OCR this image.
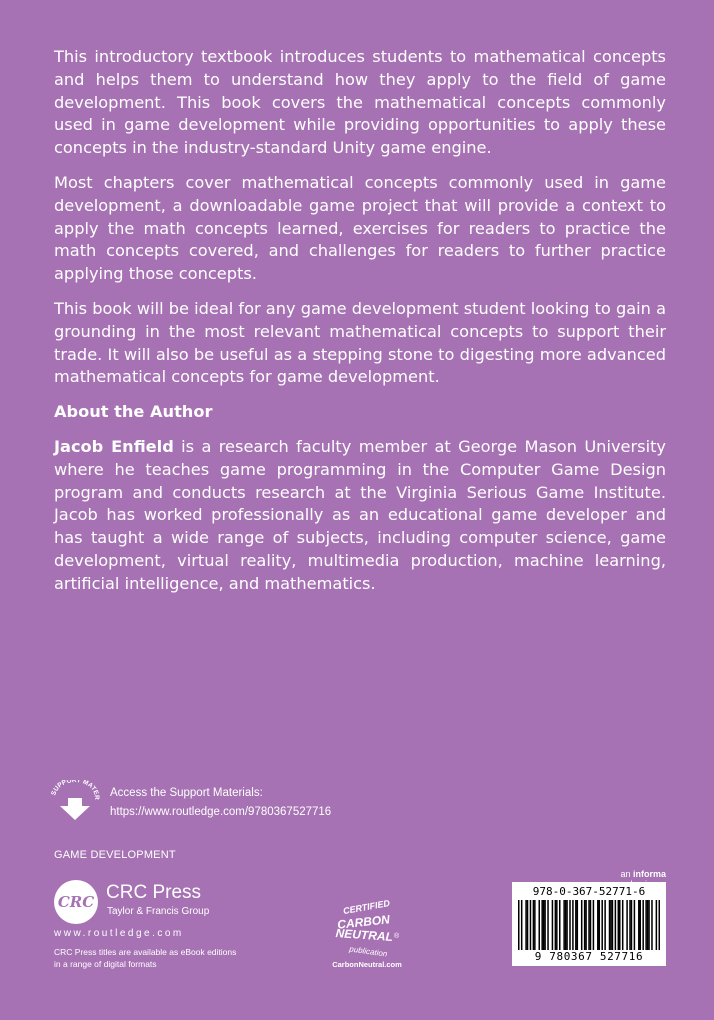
This introductory textbook introduces students to mathematical concepts and helps them to understand how they apply to the field of game development. This book covers the mathematical concepts commonly used in game development while providing opportunities to apply these concepts in the industry-standard Unity game engine.

Most chapters cover mathematical concepts commonly used in game development, a downloadable game project that will provide a context to apply the math concepts learned, exercises for readers to practice the math concepts covered, and challenges for readers to further practice applying those concepts.

This book will be ideal for any game development student looking to gain a grounding in the most relevant mathematical concepts to support their trade. It will also be useful as a stepping stone to digesting more advanced mathematical concepts for game development.

About the Author

Jacob Enfield is a research faculty member at George Mason University where he teaches game programming in the Computer Game Design program and conducts research at the Virginia Serious Game Institute. Jacob has worked professionally as an educational game developer and has taught a wide range of subjects, including computer science, game development, virtual reality, multimedia production, machine learning, artificial intelligence, and mathematics.

SUPPORT MATER Access the Support Materials:
https://www.routledge.com/9780367527716
GAME DEVELOPMENT
CRC CRC Press
Taylor & Francis Group
www.routledge.com
CRC Press titles are available as eBook editions
in a range of digital formats
CERTIFIED
CARBON
NEUTRAL ®
publication
CarbonNeutral.com
an informa
978-0-367-52771-6
9 780367 527716
